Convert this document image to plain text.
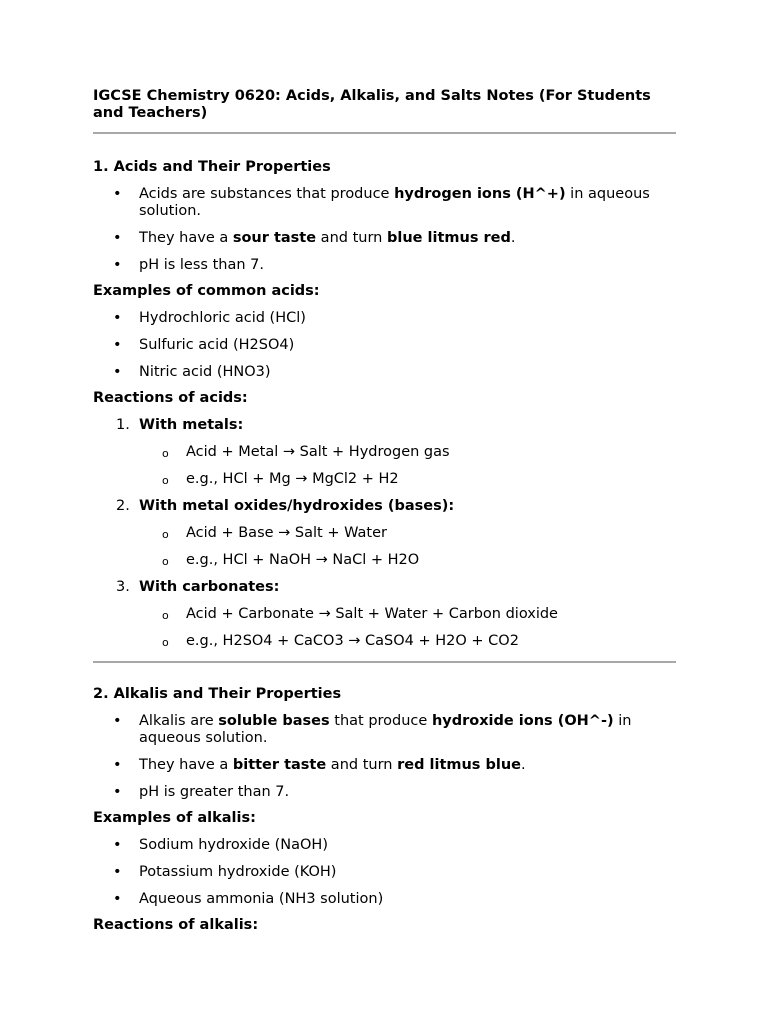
IGCSE Chemistry 0620: Acids, Alkalis, and Salts Notes (For Students and Teachers)

1. Acids and Their Properties

• Acids are substances that produce hydrogen ions (H^+) in aqueous solution.
• They have a sour taste and turn blue litmus red.
• pH is less than 7.

Examples of common acids:

• Hydrochloric acid (HCl)
• Sulfuric acid (H2SO4)
• Nitric acid (HNO3)

Reactions of acids:

1. With metals:
o Acid + Metal → Salt + Hydrogen gas
o e.g., HCl + Mg → MgCl2 + H2
2. With metal oxides/hydroxides (bases):
o Acid + Base → Salt + Water
o e.g., HCl + NaOH → NaCl + H2O
3. With carbonates:
o Acid + Carbonate → Salt + Water + Carbon dioxide
o e.g., H2SO4 + CaCO3 → CaSO4 + H2O + CO2

2. Alkalis and Their Properties

• Alkalis are soluble bases that produce hydroxide ions (OH^-) in aqueous solution.
• They have a bitter taste and turn red litmus blue.
• pH is greater than 7.

Examples of alkalis:

• Sodium hydroxide (NaOH)
• Potassium hydroxide (KOH)
• Aqueous ammonia (NH3 solution)

Reactions of alkalis:
